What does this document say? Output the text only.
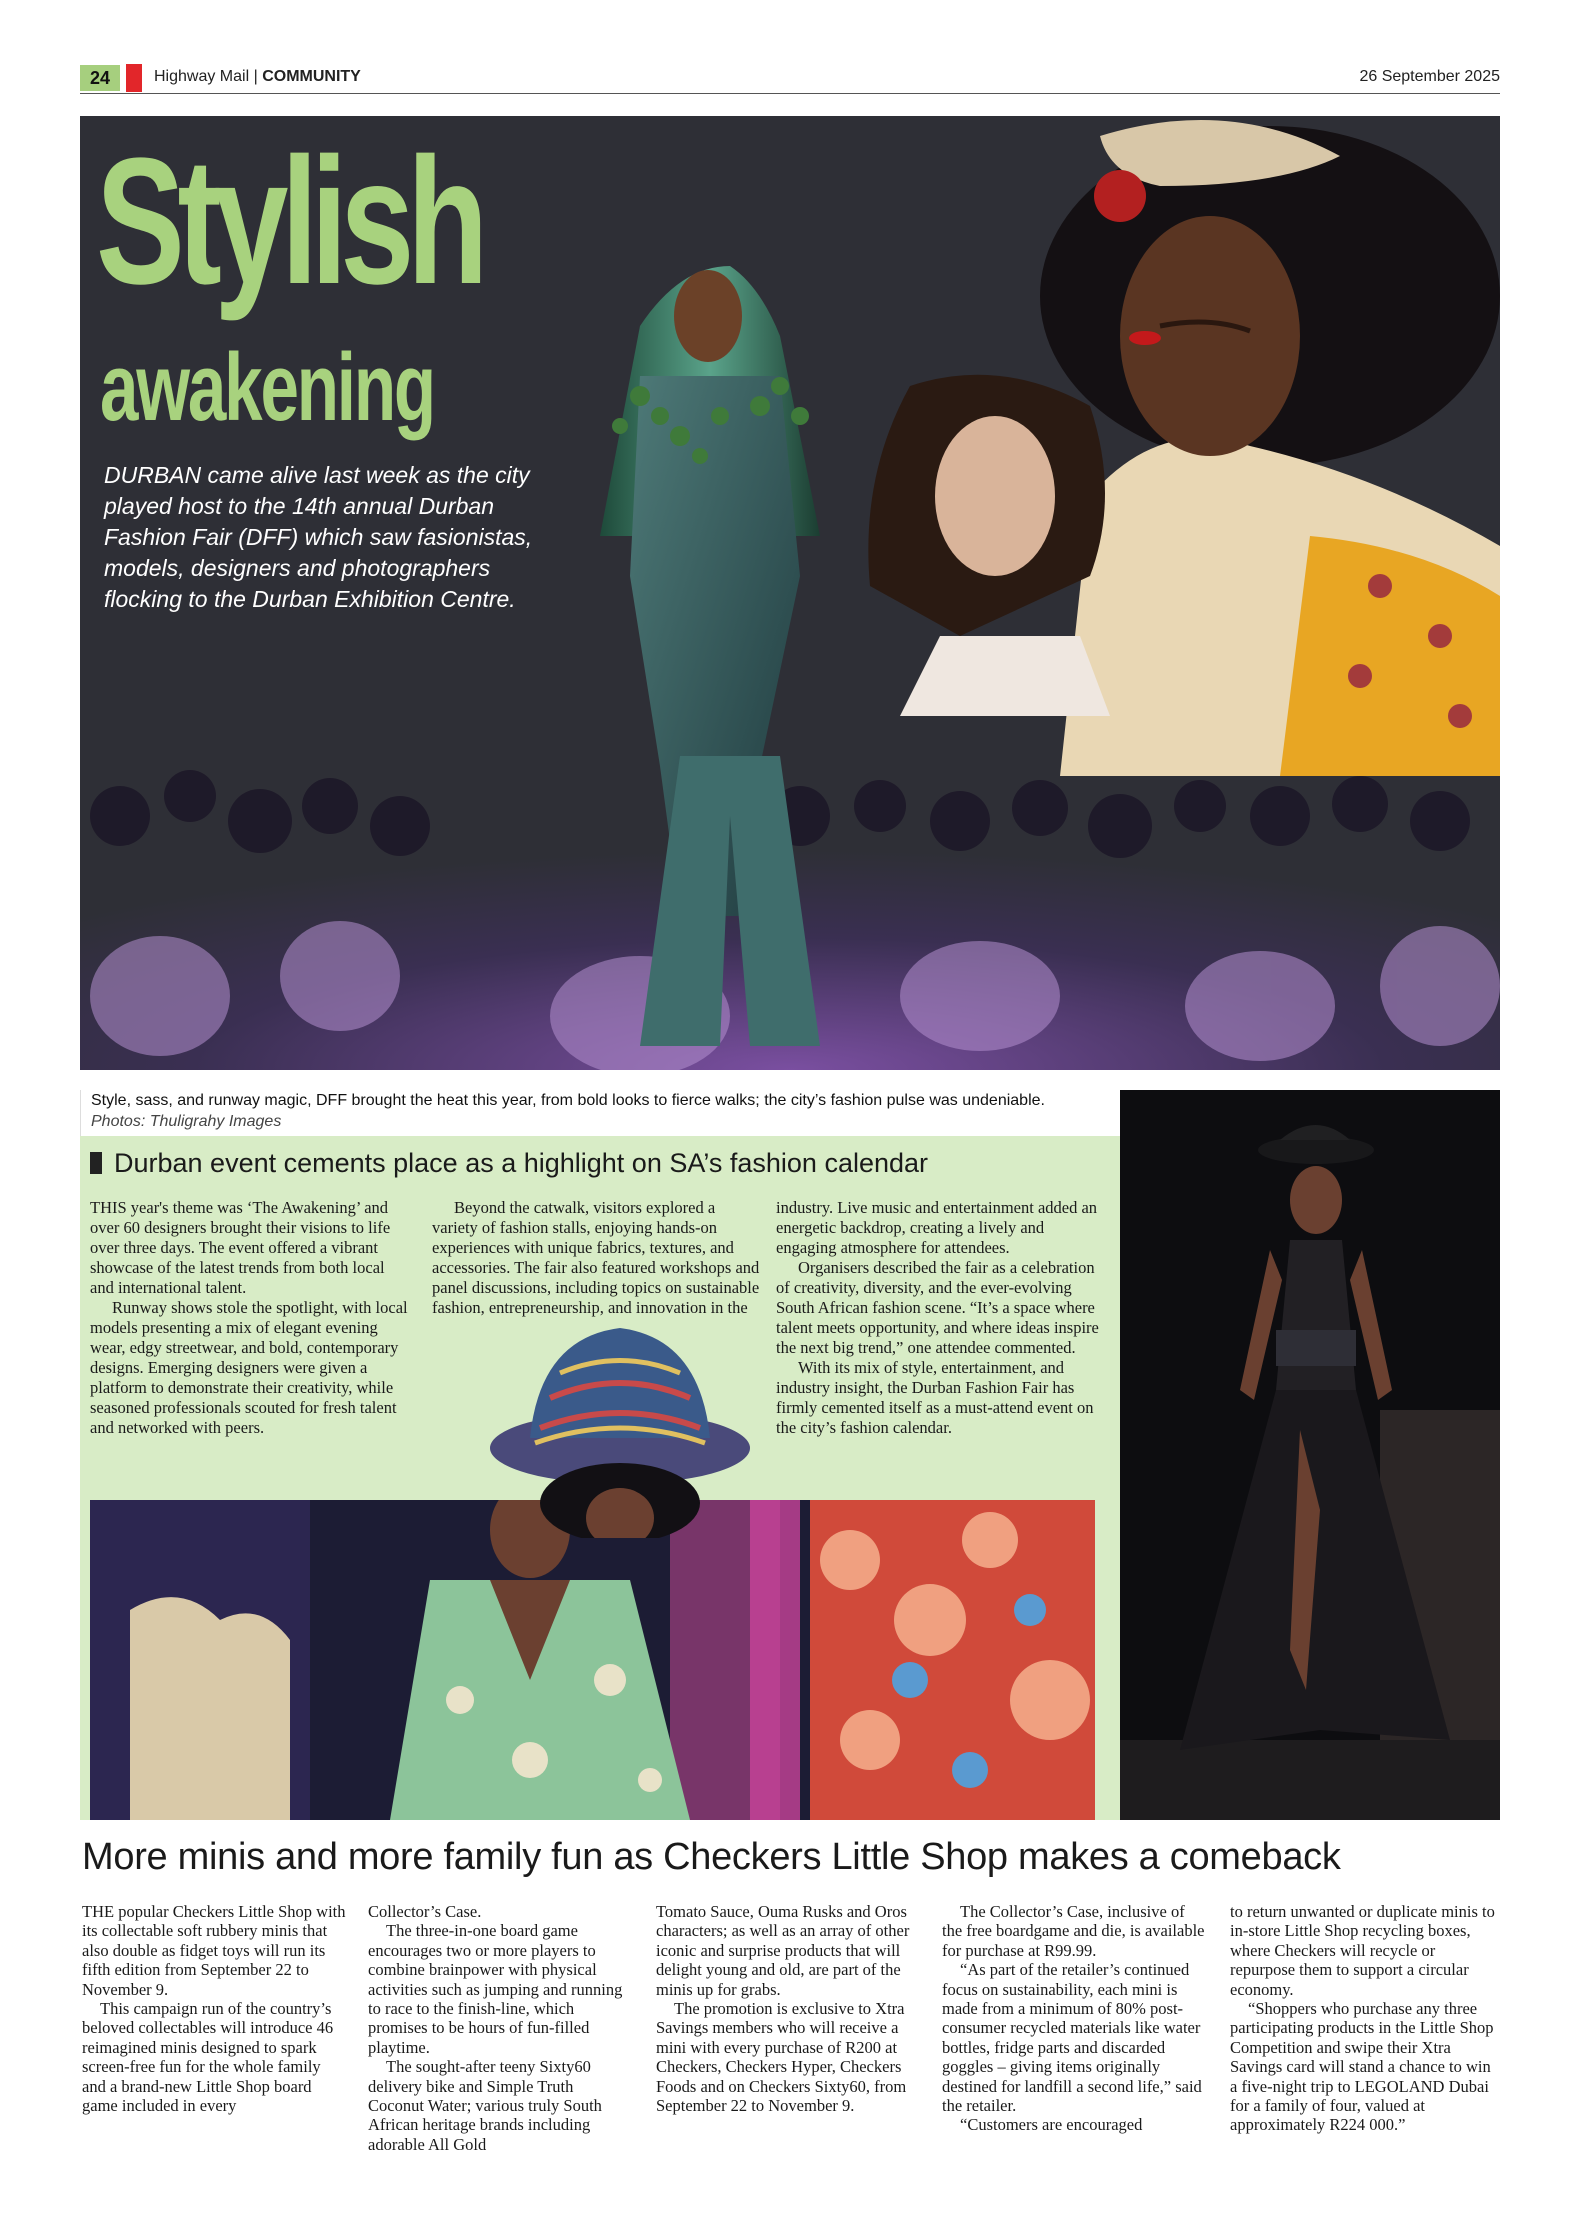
24	Highway Mail | COMMUNITY	26 September 2025
Stylish
awakening
DURBAN came alive last week as the city played host to the 14th annual Durban Fashion Fair (DFF) which saw fasionistas, models, designers and photographers flocking to the Durban Exhibition Centre.
Style, sass, and runway magic, DFF brought the heat this year, from bold looks to fierce walks; the city’s fashion pulse was undeniable.
Photos: Thuligrahy Images
Durban event cements place as a highlight on SA’s fashion calendar

THIS year's theme was ‘The Awakening’ and over 60 designers brought their visions to life over three days. The event offered a vibrant showcase of the latest trends from both local and international talent.

Runway shows stole the spotlight, with local models presenting a mix of elegant evening wear, edgy streetwear, and bold, contemporary designs. Emerging designers were given a platform to demonstrate their creativity, while seasoned professionals scouted for fresh talent and networked with peers.

Beyond the catwalk, visitors explored a variety of fashion stalls, enjoying hands-on experiences with unique fabrics, textures, and accessories. The fair also featured workshops and panel discussions, including topics on sustainable fashion, entrepreneurship, and innovation in the

industry. Live music and entertainment added an energetic backdrop, creating a lively and engaging atmosphere for attendees.

Organisers described the fair as a celebration of creativity, diversity, and the ever-evolving South African fashion scene. “It’s a space where talent meets opportunity, and where ideas inspire the next big trend,” one attendee commented.

With its mix of style, entertainment, and industry insight, the Durban Fashion Fair has firmly cemented itself as a must-attend event on the city’s fashion calendar.

More minis and more family fun as Checkers Little Shop makes a comeback

THE popular Checkers Little Shop with its collectable soft rubbery minis that also double as fidget toys will run its fifth edition from September 22 to November 9.

This campaign run of the country’s beloved collectables will introduce 46 reimagined minis designed to spark screen-free fun for the whole family and a brand-new Little Shop board game included in every

Collector’s Case.

The three-in-one board game encourages two or more players to combine brainpower with physical activities such as jumping and running to race to the finish-line, which promises to be hours of fun-filled playtime.

The sought-after teeny Sixty60 delivery bike and Simple Truth Coconut Water; various truly South African heritage brands including adorable All Gold

Tomato Sauce, Ouma Rusks and Oros characters; as well as an array of other iconic and surprise products that will delight young and old, are part of the minis up for grabs.

The promotion is exclusive to Xtra Savings members who will receive a mini with every purchase of R200 at Checkers, Checkers Hyper, Checkers Foods and on Checkers Sixty60, from September 22 to November 9.

The Collector’s Case, inclusive of the free boardgame and die, is available for purchase at R99.99.

“As part of the retailer’s continued focus on sustainability, each mini is made from a minimum of 80% post-consumer recycled materials like water bottles, fridge parts and discarded goggles – giving items originally destined for landfill a second life,” said the retailer.

“Customers are encouraged

to return unwanted or duplicate minis to in-store Little Shop recycling boxes, where Checkers will recycle or repurpose them to support a circular economy.

“Shoppers who purchase any three participating products in the Little Shop Competition and swipe their Xtra Savings card will stand a chance to win a five-night trip to LEGOLAND Dubai for a family of four, valued at approximately R224 000.”
